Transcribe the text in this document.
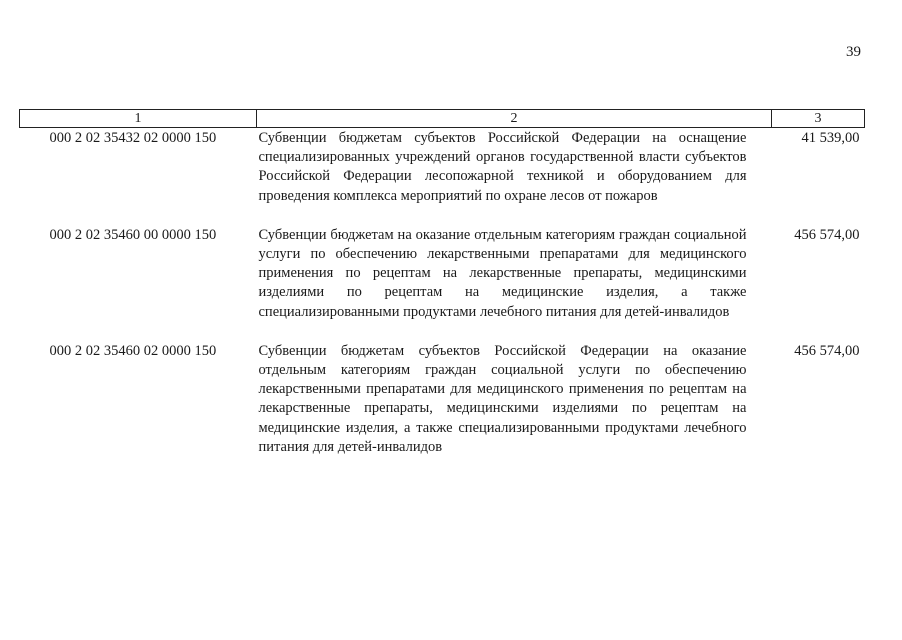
39
1	2	3
000 2 02 35432 02 0000 150	Субвенции бюджетам субъектов Российской Федерации на оснащение специализированных учреждений органов государственной власти субъектов Российской Федерации лесопожарной техникой и оборудованием для проведения комплекса мероприятий по охране лесов от пожаров	41 539,00
000 2 02 35460 00 0000 150	Субвенции бюджетам на оказание отдельным категориям граждан социальной услуги по обеспечению лекарственными препаратами для медицинского применения по рецептам на лекарственные препараты, медицинскими изделиями по рецептам на медицинские изделия, а также специализированными продуктами лечебного питания для детей-инвалидов	456 574,00
000 2 02 35460 02 0000 150	Субвенции бюджетам субъектов Российской Федерации на оказание отдельным категориям граждан социальной услуги по обеспечению лекарственными препаратами для медицинского применения по рецептам на лекарственные препараты, медицинскими изделиями по рецептам на медицинские изделия, а также специализированными продуктами лечебного питания для детей-инвалидов	456 574,00
